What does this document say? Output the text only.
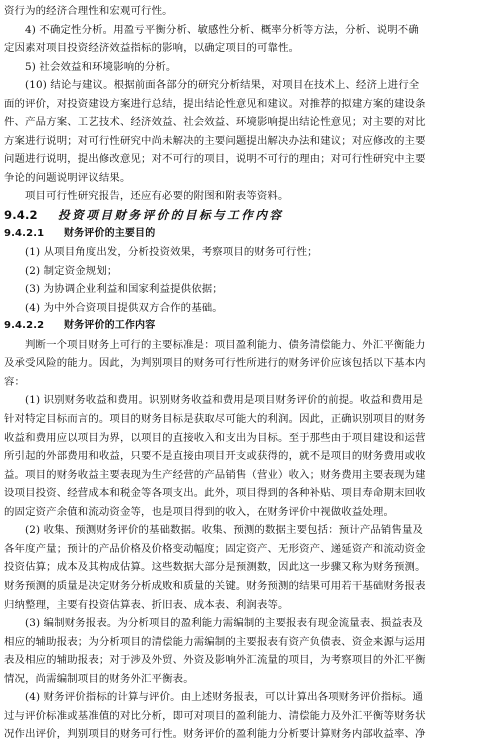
资行为的经济合理性和宏观可行性。
4) 不确定性分析。用盈亏平衡分析、敏感性分析、概率分析等方法，分析、说明不确
定因素对项目投资经济效益指标的影响，以确定项目的可靠性。
5) 社会效益和环境影响的分析。
(10) 结论与建议。根据前面各部分的研究分析结果，对项目在技术上、经济上进行全
面的评价，对投资建设方案进行总结，提出结论性意见和建议。对推荐的拟建方案的建设条
件、产品方案、工艺技术、经济效益、社会效益、环境影响提出结论性意见；对主要的对比
方案进行说明；对可行性研究中尚未解决的主要问题提出解决办法和建议；对应修改的主要
问题进行说明，提出修改意见；对不可行的项目，说明不可行的理由；对可行性研究中主要
争论的问题说明评议结果。
项目可行性研究报告，还应有必要的附图和附表等资料。
9.4.2 投资项目财务评价的目标与工作内容
9.4.2.1 财务评价的主要目的
(1) 从项目角度出发，分析投资效果，考察项目的财务可行性；
(2) 制定资金规划；
(3) 为协调企业利益和国家利益提供依据；
(4) 为中外合资项目提供双方合作的基础。
9.4.2.2 财务评价的工作内容
判断一个项目财务上可行的主要标准是：项目盈利能力、债务清偿能力、外汇平衡能力
及承受风险的能力。因此，为判别项目的财务可行性所进行的财务评价应该包括以下基本内
容：
(1) 识别财务收益和费用。识别财务收益和费用是项目财务评价的前提。收益和费用是
针对特定目标而言的。项目的财务目标是获取尽可能大的利润。因此，正确识别项目的财务
收益和费用应以项目为界，以项目的直接收入和支出为目标。至于那些由于项目建设和运营
所引起的外部费用和收益，只要不是直接由项目开支或获得的，就不是项目的财务费用或收
益。项目的财务收益主要表现为生产经营的产品销售（营业）收入；财务费用主要表现为建
设项目投资、经营成本和税金等各项支出。此外，项目得到的各种补贴、项目寿命期末回收
的固定资产余值和流动资金等，也是项目得到的收入，在财务评价中视做收益处理。
(2) 收集、预测财务评价的基础数据。收集、预测的数据主要包括：预计产品销售量及
各年度产量；预计的产品价格及价格变动幅度；固定资产、无形资产、递延资产和流动资金
投资估算；成本及其构成估算。这些数据大部分是预测数，因此这一步骤又称为财务预测。
财务预测的质量是决定财务分析成败和质量的关键。财务预测的结果可用若干基础财务报表
归纳整理，主要有投资估算表、折旧表、成本表、利润表等。
(3) 编制财务报表。为分析项目的盈利能力需编制的主要报表有现金流量表、损益表及
相应的辅助报表；为分析项目的清偿能力需编制的主要报表有资产负债表、资金来源与运用
表及相应的辅助报表；对于涉及外贸、外资及影响外汇流量的项目，为考察项目的外汇平衡
情况，尚需编制项目的财务外汇平衡表。
(4) 财务评价指标的计算与评价。由上述财务报表，可以计算出各项财务评价指标。通
过与评价标准或基准值的对比分析，即可对项目的盈利能力、清偿能力及外汇平衡等财务状
况作出评价，判别项目的财务可行性。财务评价的盈利能力分析要计算财务内部收益率、净
